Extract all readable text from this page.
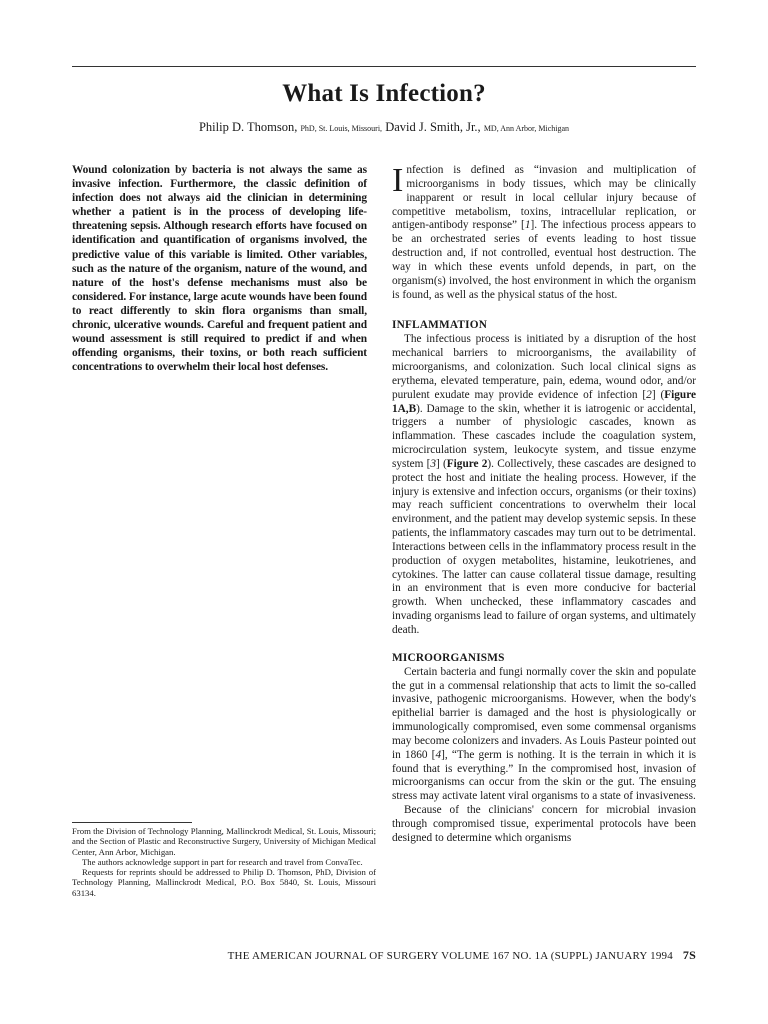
What Is Infection?
Philip D. Thomson, PhD, St. Louis, Missouri, David J. Smith, Jr., MD, Ann Arbor, Michigan

Wound colonization by bacteria is not always the same as invasive infection. Furthermore, the classic definition of infection does not always aid the clinician in determining whether a patient is in the process of developing life-threatening sepsis. Although research efforts have focused on identification and quantification of organisms involved, the predictive value of this variable is limited. Other variables, such as the nature of the organism, nature of the wound, and nature of the host's defense mechanisms must also be considered. For instance, large acute wounds have been found to react differently to skin flora organisms than small, chronic, ulcerative wounds. Careful and frequent patient and wound assessment is still required to predict if and when offending organisms, their toxins, or both reach sufficient concentrations to overwhelm their local host defenses.

From the Division of Technology Planning, Mallinckrodt Medical, St. Louis, Missouri; and the Section of Plastic and Reconstructive Surgery, University of Michigan Medical Center, Ann Arbor, Michigan.

The authors acknowledge support in part for research and travel from ConvaTec.

Requests for reprints should be addressed to Philip D. Thomson, PhD, Division of Technology Planning, Mallinckrodt Medical, P.O. Box 5840, St. Louis, Missouri 63134.

Infection is defined as “invasion and multiplication of microorganisms in body tissues, which may be clinically inapparent or result in local cellular injury because of competitive metabolism, toxins, intracellular replication, or antigen-antibody response” [1]. The infectious process appears to be an orchestrated series of events leading to host tissue destruction and, if not controlled, eventual host destruction. The way in which these events unfold depends, in part, on the organism(s) involved, the host environment in which the organism is found, as well as the physical status of the host.

INFLAMMATION

The infectious process is initiated by a disruption of the host mechanical barriers to microorganisms, the availability of microorganisms, and colonization. Such local clinical signs as erythema, elevated temperature, pain, edema, wound odor, and/or purulent exudate may provide evidence of infection [2] (Figure 1A,B). Damage to the skin, whether it is iatrogenic or accidental, triggers a number of physiologic cascades, known as inflammation. These cascades include the coagulation system, microcirculation system, leukocyte system, and tissue enzyme system [3] (Figure 2). Collectively, these cascades are designed to protect the host and initiate the healing process. However, if the injury is extensive and infection occurs, organisms (or their toxins) may reach sufficient concentrations to overwhelm their local environment, and the patient may develop systemic sepsis. In these patients, the inflammatory cascades may turn out to be detrimental. Interactions between cells in the inflammatory process result in the production of oxygen metabolites, histamine, leukotrienes, and cytokines. The latter can cause collateral tissue damage, resulting in an environment that is even more conducive for bacterial growth. When unchecked, these inflammatory cascades and invading organisms lead to failure of organ systems, and ultimately death.

MICROORGANISMS

Certain bacteria and fungi normally cover the skin and populate the gut in a commensal relationship that acts to limit the so-called invasive, pathogenic microorganisms. However, when the body's epithelial barrier is damaged and the host is physiologically or immunologically compromised, even some commensal organisms may become colonizers and invaders. As Louis Pasteur pointed out in 1860 [4], “The germ is nothing. It is the terrain in which it is found that is everything.” In the compromised host, invasion of microorganisms can occur from the skin or the gut. The ensuing stress may activate latent viral organisms to a state of invasiveness.

Because of the clinicians' concern for microbial invasion through compromised tissue, experimental protocols have been designed to determine which organisms

THE AMERICAN JOURNAL OF SURGERY VOLUME 167 NO. 1A (SUPPL) JANUARY 1994 7S
